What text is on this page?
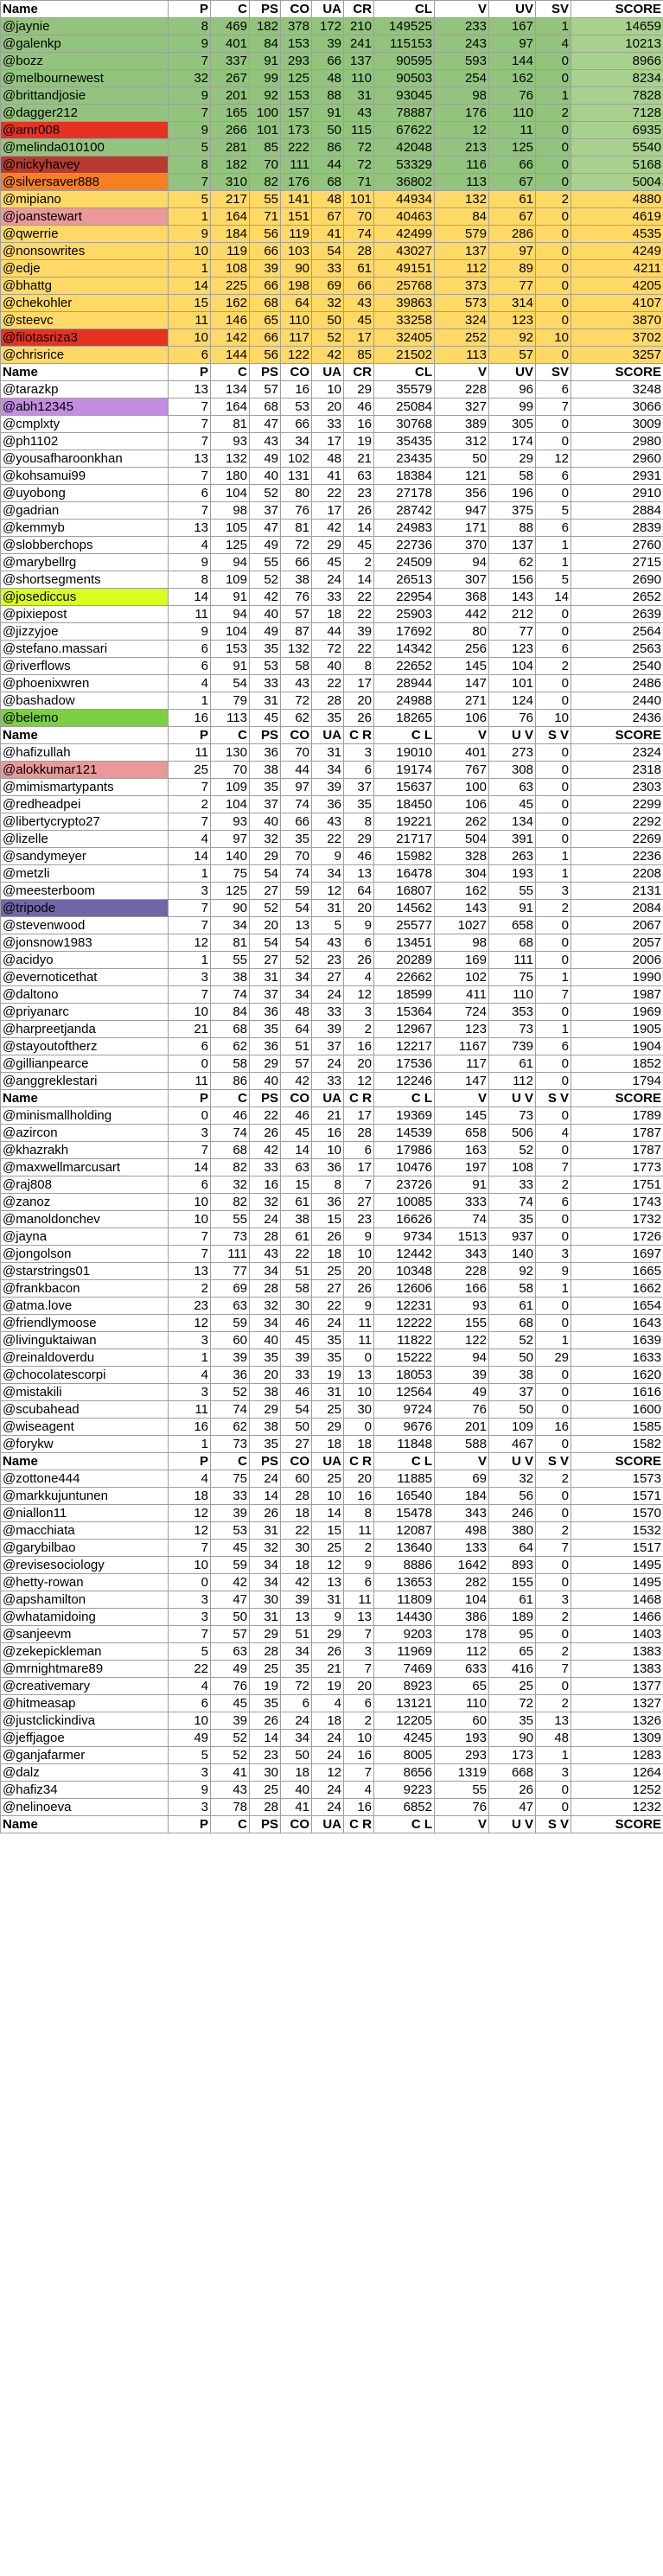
Name	P	C	PS	CO	UA	CR	CL	V	UV	SV	SCORE
@jaynie	8	469	182	378	172	210	149525	233	167	1	14659
@galenkp	9	401	84	153	39	241	115153	243	97	4	10213
@bozz	7	337	91	293	66	137	90595	593	144	0	8966
@melbournewest	32	267	99	125	48	110	90503	254	162	0	8234
@brittandjosie	9	201	92	153	88	31	93045	98	76	1	7828
@dagger212	7	165	100	157	91	43	78887	176	110	2	7128
@amr008	9	266	101	173	50	115	67622	12	11	0	6935
@melinda010100	5	281	85	222	86	72	42048	213	125	0	5540
@nickyhavey	8	182	70	111	44	72	53329	116	66	0	5168
@silversaver888	7	310	82	176	68	71	36802	113	67	0	5004
@mipiano	5	217	55	141	48	101	44934	132	61	2	4880
@joanstewart	1	164	71	151	67	70	40463	84	67	0	4619
@qwerrie	9	184	56	119	41	74	42499	579	286	0	4535
@nonsowrites	10	119	66	103	54	28	43027	137	97	0	4249
@edje	1	108	39	90	33	61	49151	112	89	0	4211
@bhattg	14	225	66	198	69	66	25768	373	77	0	4205
@chekohler	15	162	68	64	32	43	39863	573	314	0	4107
@steevc	11	146	65	110	50	45	33258	324	123	0	3870
@filotasriza3	10	142	66	117	52	17	32405	252	92	10	3702
@chrisrice	6	144	56	122	42	85	21502	113	57	0	3257
Name	P	C	PS	CO	UA	CR	CL	V	UV	SV	SCORE
@tarazkp	13	134	57	16	10	29	35579	228	96	6	3248
@abh12345	7	164	68	53	20	46	25084	327	99	7	3066
@cmplxty	7	81	47	66	33	16	30768	389	305	0	3009
@ph1102	7	93	43	34	17	19	35435	312	174	0	2980
@yousafharoonkhan	13	132	49	102	48	21	23435	50	29	12	2960
@kohsamui99	7	180	40	131	41	63	18384	121	58	6	2931
@uyobong	6	104	52	80	22	23	27178	356	196	0	2910
@gadrian	7	98	37	76	17	26	28742	947	375	5	2884
@kemmyb	13	105	47	81	42	14	24983	171	88	6	2839
@slobberchops	4	125	49	72	29	45	22736	370	137	1	2760
@marybellrg	9	94	55	66	45	2	24509	94	62	1	2715
@shortsegments	8	109	52	38	24	14	26513	307	156	5	2690
@josediccus	14	91	42	76	33	22	22954	368	143	14	2652
@pixiepost	11	94	40	57	18	22	25903	442	212	0	2639
@jizzyjoe	9	104	49	87	44	39	17692	80	77	0	2564
@stefano.massari	6	153	35	132	72	22	14342	256	123	6	2563
@riverflows	6	91	53	58	40	8	22652	145	104	2	2540
@phoenixwren	4	54	33	43	22	17	28944	147	101	0	2486
@bashadow	1	79	31	72	28	20	24988	271	124	0	2440
@belemo	16	113	45	62	35	26	18265	106	76	10	2436
Name	P	C	PS	CO	UA	C R	C L	V	U V	S V	SCORE
@hafizullah	11	130	36	70	31	3	19010	401	273	0	2324
@alokkumar121	25	70	38	44	34	6	19174	767	308	0	2318
@mimismartypants	7	109	35	97	39	37	15637	100	63	0	2303
@redheadpei	2	104	37	74	36	35	18450	106	45	0	2299
@libertycrypto27	7	93	40	66	43	8	19221	262	134	0	2292
@lizelle	4	97	32	35	22	29	21717	504	391	0	2269
@sandymeyer	14	140	29	70	9	46	15982	328	263	1	2236
@metzli	1	75	54	74	34	13	16478	304	193	1	2208
@meesterboom	3	125	27	59	12	64	16807	162	55	3	2131
@tripode	7	90	52	54	31	20	14562	143	91	2	2084
@stevenwood	7	34	20	13	5	9	25577	1027	658	0	2067
@jonsnow1983	12	81	54	54	43	6	13451	98	68	0	2057
@acidyo	1	55	27	52	23	26	20289	169	111	0	2006
@evernoticethat	3	38	31	34	27	4	22662	102	75	1	1990
@daltono	7	74	37	34	24	12	18599	411	110	7	1987
@priyanarc	10	84	36	48	33	3	15364	724	353	0	1969
@harpreetjanda	21	68	35	64	39	2	12967	123	73	1	1905
@stayoutoftherz	6	62	36	51	37	16	12217	1167	739	6	1904
@gillianpearce	0	58	29	57	24	20	17536	117	61	0	1852
@anggreklestari	11	86	40	42	33	12	12246	147	112	0	1794
Name	P	C	PS	CO	UA	C R	C L	V	U V	S V	SCORE
@minismallholding	0	46	22	46	21	17	19369	145	73	0	1789
@azircon	3	74	26	45	16	28	14539	658	506	4	1787
@khazrakh	7	68	42	14	10	6	17986	163	52	0	1787
@maxwellmarcusart	14	82	33	63	36	17	10476	197	108	7	1773
@raj808	6	32	16	15	8	7	23726	91	33	2	1751
@zanoz	10	82	32	61	36	27	10085	333	74	6	1743
@manoldonchev	10	55	24	38	15	23	16626	74	35	0	1732
@jayna	7	73	28	61	26	9	9734	1513	937	0	1726
@jongolson	7	111	43	22	18	10	12442	343	140	3	1697
@starstrings01	13	77	34	51	25	20	10348	228	92	9	1665
@frankbacon	2	69	28	58	27	26	12606	166	58	1	1662
@atma.love	23	63	32	30	22	9	12231	93	61	0	1654
@friendlymoose	12	59	34	46	24	11	12222	155	68	0	1643
@livinguktaiwan	3	60	40	45	35	11	11822	122	52	1	1639
@reinaldoverdu	1	39	35	39	35	0	15222	94	50	29	1633
@chocolatescorpi	4	36	20	33	19	13	18053	39	38	0	1620
@mistakili	3	52	38	46	31	10	12564	49	37	0	1616
@scubahead	11	74	29	54	25	30	9724	76	50	0	1600
@wiseagent	16	62	38	50	29	0	9676	201	109	16	1585
@forykw	1	73	35	27	18	18	11848	588	467	0	1582
Name	P	C	PS	CO	UA	C R	C L	V	U V	S V	SCORE
@zottone444	4	75	24	60	25	20	11885	69	32	2	1573
@markkujuntunen	18	33	14	28	10	16	16540	184	56	0	1571
@niallon11	12	39	26	18	14	8	15478	343	246	0	1570
@macchiata	12	53	31	22	15	11	12087	498	380	2	1532
@garybilbao	7	45	32	30	25	2	13640	133	64	7	1517
@revisesociology	10	59	34	18	12	9	8886	1642	893	0	1495
@hetty-rowan	0	42	34	42	13	6	13653	282	155	0	1495
@apshamilton	3	47	30	39	31	11	11809	104	61	3	1468
@whatamidoing	3	50	31	13	9	13	14430	386	189	2	1466
@sanjeevm	7	57	29	51	29	7	9203	178	95	0	1403
@zekepickleman	5	63	28	34	26	3	11969	112	65	2	1383
@mrnightmare89	22	49	25	35	21	7	7469	633	416	7	1383
@creativemary	4	76	19	72	19	20	8923	65	25	0	1377
@hitmeasap	6	45	35	6	4	6	13121	110	72	2	1327
@justclickindiva	10	39	26	24	18	2	12205	60	35	13	1326
@jeffjagoe	49	52	14	34	24	10	4245	193	90	48	1309
@ganjafarmer	5	52	23	50	24	16	8005	293	173	1	1283
@dalz	3	41	30	18	12	7	8656	1319	668	3	1264
@hafiz34	9	43	25	40	24	4	9223	55	26	0	1252
@nelinoeva	3	78	28	41	24	16	6852	76	47	0	1232
Name	P	C	PS	CO	UA	C R	C L	V	U V	S V	SCORE
